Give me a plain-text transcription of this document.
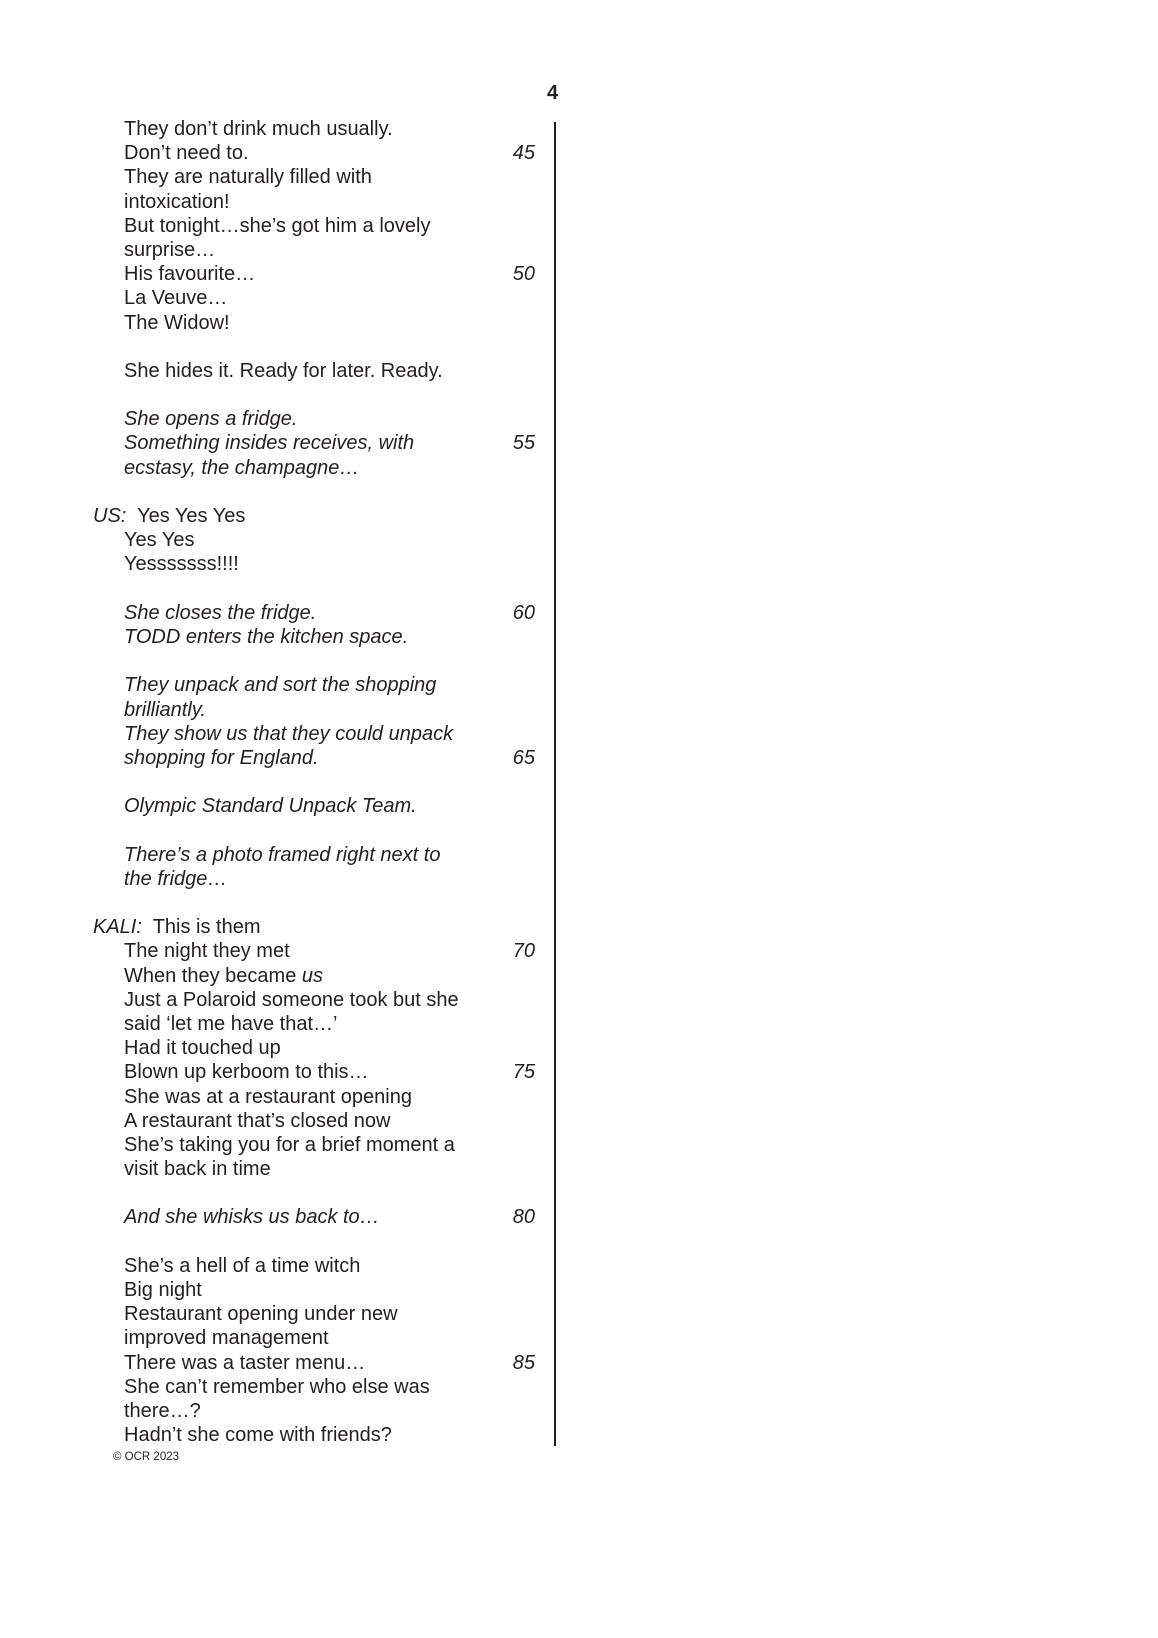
4
They don’t drink much usually.
Don’t need to.	45
They are naturally filled with
intoxication!
But tonight…she’s got him a lovely
surprise…
His favourite…	50
La Veuve…
The Widow!
She hides it. Ready for later. Ready.
She opens a fridge.
Something insides receives, with	55
ecstasy, the champagne…
US: Yes Yes Yes
Yes Yes
Yesssssss!!!!
She closes the fridge.	60
TODD enters the kitchen space.
They unpack and sort the shopping
brilliantly.
They show us that they could unpack
shopping for England.	65
Olympic Standard Unpack Team.
There’s a photo framed right next to
the fridge…
KALI: This is them
The night they met	70
When they became us
Just a Polaroid someone took but she
said ‘let me have that…’
Had it touched up
Blown up kerboom to this…	75
She was at a restaurant opening
A restaurant that’s closed now
She’s taking you for a brief moment a
visit back in time
And she whisks us back to…	80
She’s a hell of a time witch
Big night
Restaurant opening under new
improved management
There was a taster menu…	85
She can’t remember who else was
there…?
Hadn’t she come with friends?
© OCR 2023
